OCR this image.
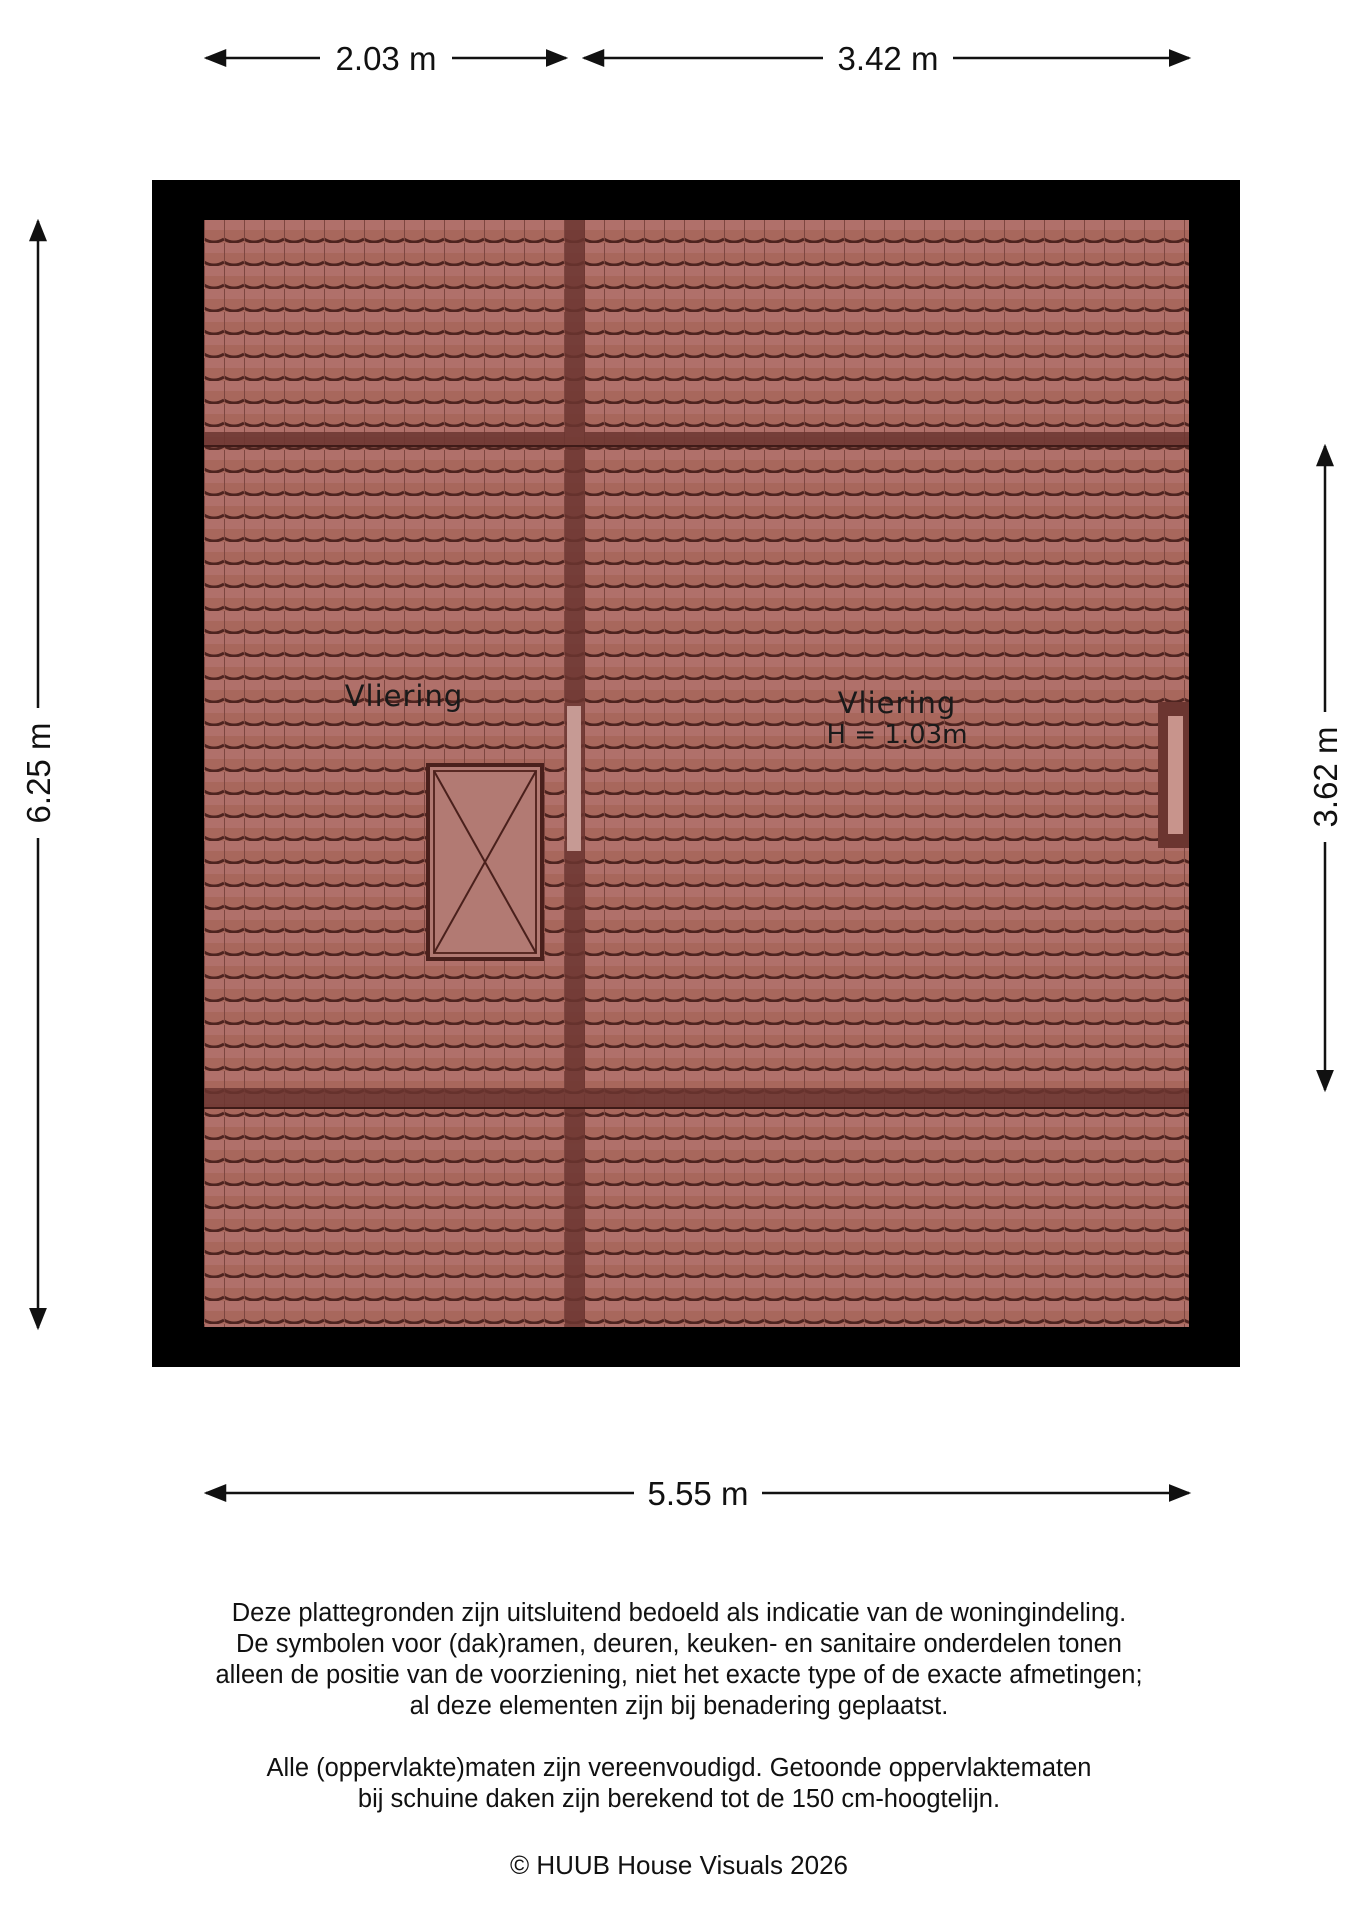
Vliering	Vliering
H = 1.03m
2.03 m	3.42 m
5.55 m
6.25 m	3.62 m

Deze plattegronden zijn uitsluitend bedoeld als indicatie van de woningindeling.

De symbolen voor (dak)ramen, deuren, keuken- en sanitaire onderdelen tonen

alleen de positie van de voorziening, niet het exacte type of de exacte afmetingen;

al deze elementen zijn bij benadering geplaatst.

Alle (oppervlakte)maten zijn vereenvoudigd. Getoonde oppervlaktematen

bij schuine daken zijn berekend tot de 150 cm-hoogtelijn.

© HUUB House Visuals 2026
